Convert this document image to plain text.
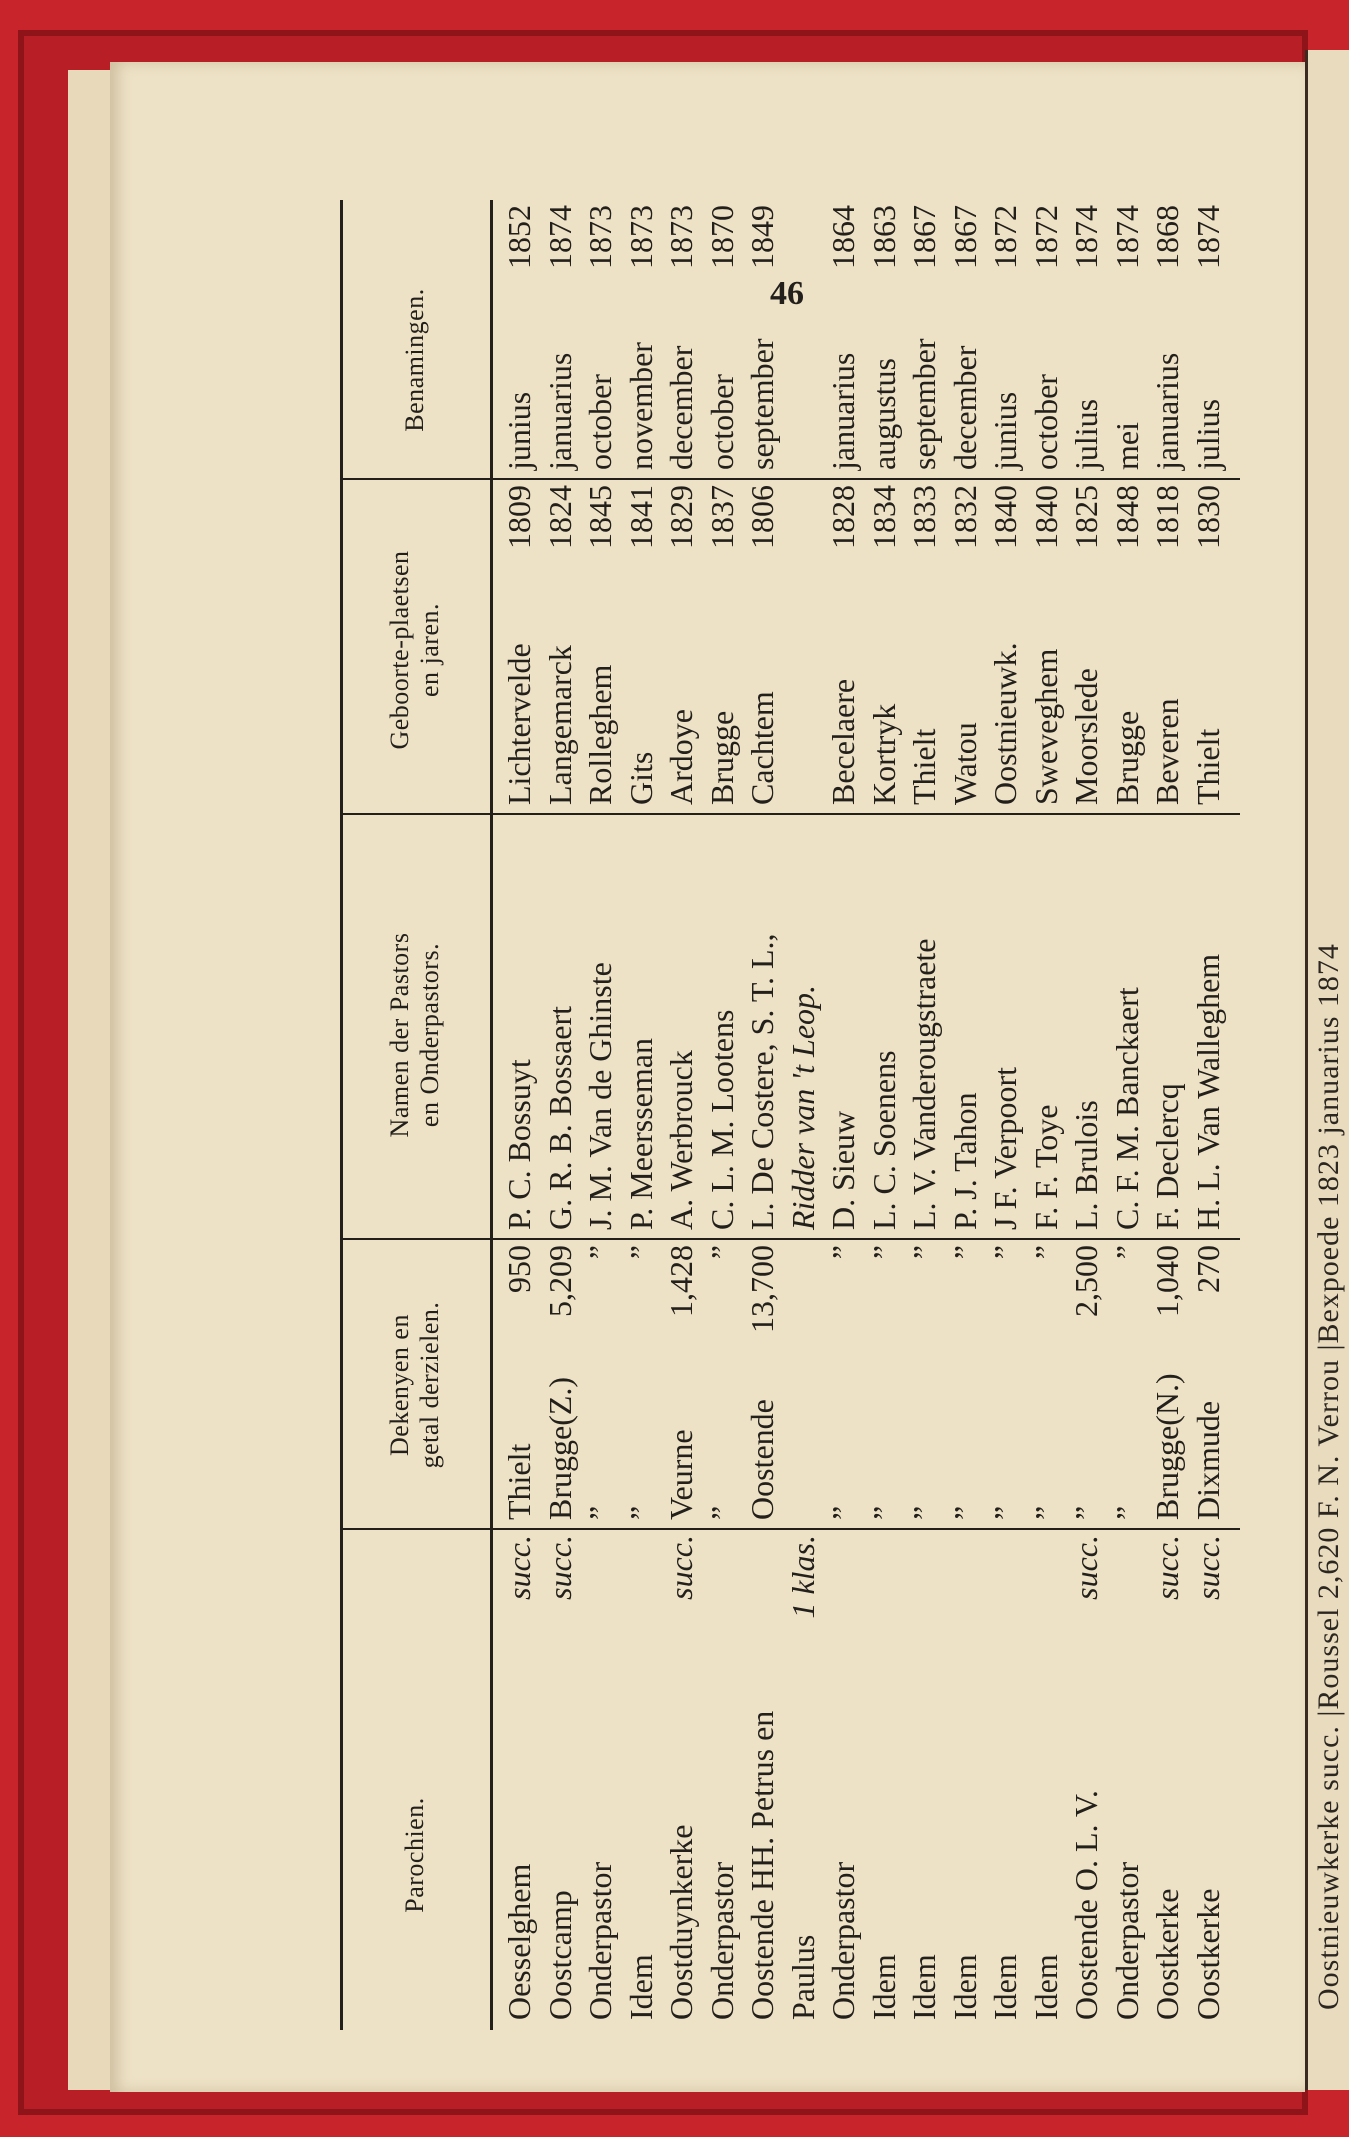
Oostnieuwkerke succ. |Roussel 2,620 F. N. Verrou |Bexpoede 1823 januarius 1874
Parochien.
Dekenyen en getal derzielen.
Namen der Pastors en Onderpastors.
Geboorte-plaetsen en jaren.
Benamingen.
Oesselghem
succ.
Thielt
950
P. C. Bossuyt
Lichtervelde
1809
junius
1852
Oostcamp
succ.
Brugge(Z.)
5,209
G. R. B. Bossaert
Langemarck
1824
januarius
1874
Onderpastor
”
”
J. M. Van de Ghinste
Rolleghem
1845
october
1873
Idem
”
”
P. Meersseman
Gits
1841
november
1873
Oostduynkerke
succ.
Veurne
1,428
A. Werbrouck
Ardoye
1829
december
1873
Onderpastor
”
”
C. L. M. Lootens
Brugge
1837
october
1870
Oostende HH. Petrus en
Oostende
13,700
L. De Costere, S. T. L.,
Cachtem
1806
september
1849
Paulus
1 klas.
Ridder van 't Leop.
Onderpastor
”
”
D. Sieuw
Becelaere
1828
januarius
1864
Idem
”
”
L. C. Soenens
Kortryk
1834
augustus
1863
Idem
”
”
L. V. Vanderougstraete
Thielt
1833
september
1867
Idem
”
”
P. J. Tahon
Watou
1832
december
1867
Idem
”
”
J F. Verpoort
Oostnieuwk.
1840
junius
1872
Idem
”
”
F. F. Toye
Sweveghem
1840
october
1872
Oostende O. L. V.
succ.
”
2,500
L. Brulois
Moorslede
1825
julius
1874
Onderpastor
”
”
C. F. M. Banckaert
Brugge
1848
mei
1874
Oostkerke
succ.
Brugge(N.)
1,040
F. Declercq
Beveren
1818
januarius
1868
Oostkerke
succ.
Dixmude
270
H. L. Van Walleghem
Thielt
1830
julius
1874
46
